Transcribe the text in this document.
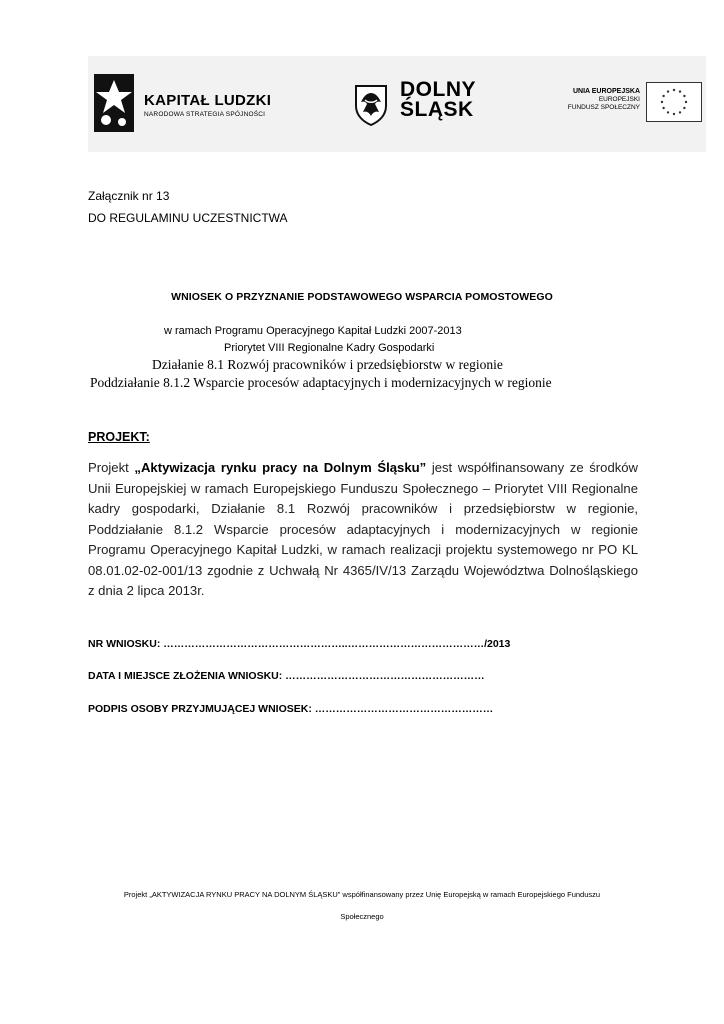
KAPITAŁ LUDZKI
NARODOWA STRATEGIA SPÓJNOŚCI
DOLNY
ŚLĄSK
UNIA EUROPEJSKA
EUROPEJSKI
FUNDUSZ SPOŁECZNY
Załącznik nr 13
DO REGULAMINU UCZESTNICTWA
WNIOSEK O PRZYZNANIE PODSTAWOWEGO WSPARCIA POMOSTOWEGO
w ramach Programu Operacyjnego Kapitał Ludzki 2007-2013
Priorytet VIII Regionalne Kadry Gospodarki
Działanie 8.1 Rozwój pracowników i przedsiębiorstw w regionie
Poddziałanie 8.1.2 Wsparcie procesów adaptacyjnych i modernizacyjnych w regionie
PROJEKT:
Projekt „Aktywizacja rynku pracy na Dolnym Śląsku” jest współfinansowany ze środków Unii Europejskiej w ramach Europejskiego Funduszu Społecznego – Priorytet VIII Regionalne kadry gospodarki, Działanie 8.1 Rozwój pracowników i przedsiębiorstw w regionie, Poddziałanie 8.1.2 Wsparcie procesów adaptacyjnych i modernizacyjnych w regionie Programu Operacyjnego Kapitał Ludzki, w ramach realizacji projektu systemowego nr PO KL 08.01.02-02-001/13 zgodnie z Uchwałą Nr 4365/IV/13 Zarządu Województwa Dolnośląskiego z dnia 2 lipca 2013r.
NR WNIOSKU: ……………………………………………..…………………………………/2013
DATA I MIEJSCE ZŁOŻENIA WNIOSKU: …………………………………………………
PODPIS OSOBY PRZYJMUJĄCEJ WNIOSEK: ……………………………………………
Projekt „AKTYWIZACJA RYNKU PRACY NA DOLNYM ŚLĄSKU” współfinansowany przez Unię Europejską w ramach Europejskiego Funduszu
Społecznego
